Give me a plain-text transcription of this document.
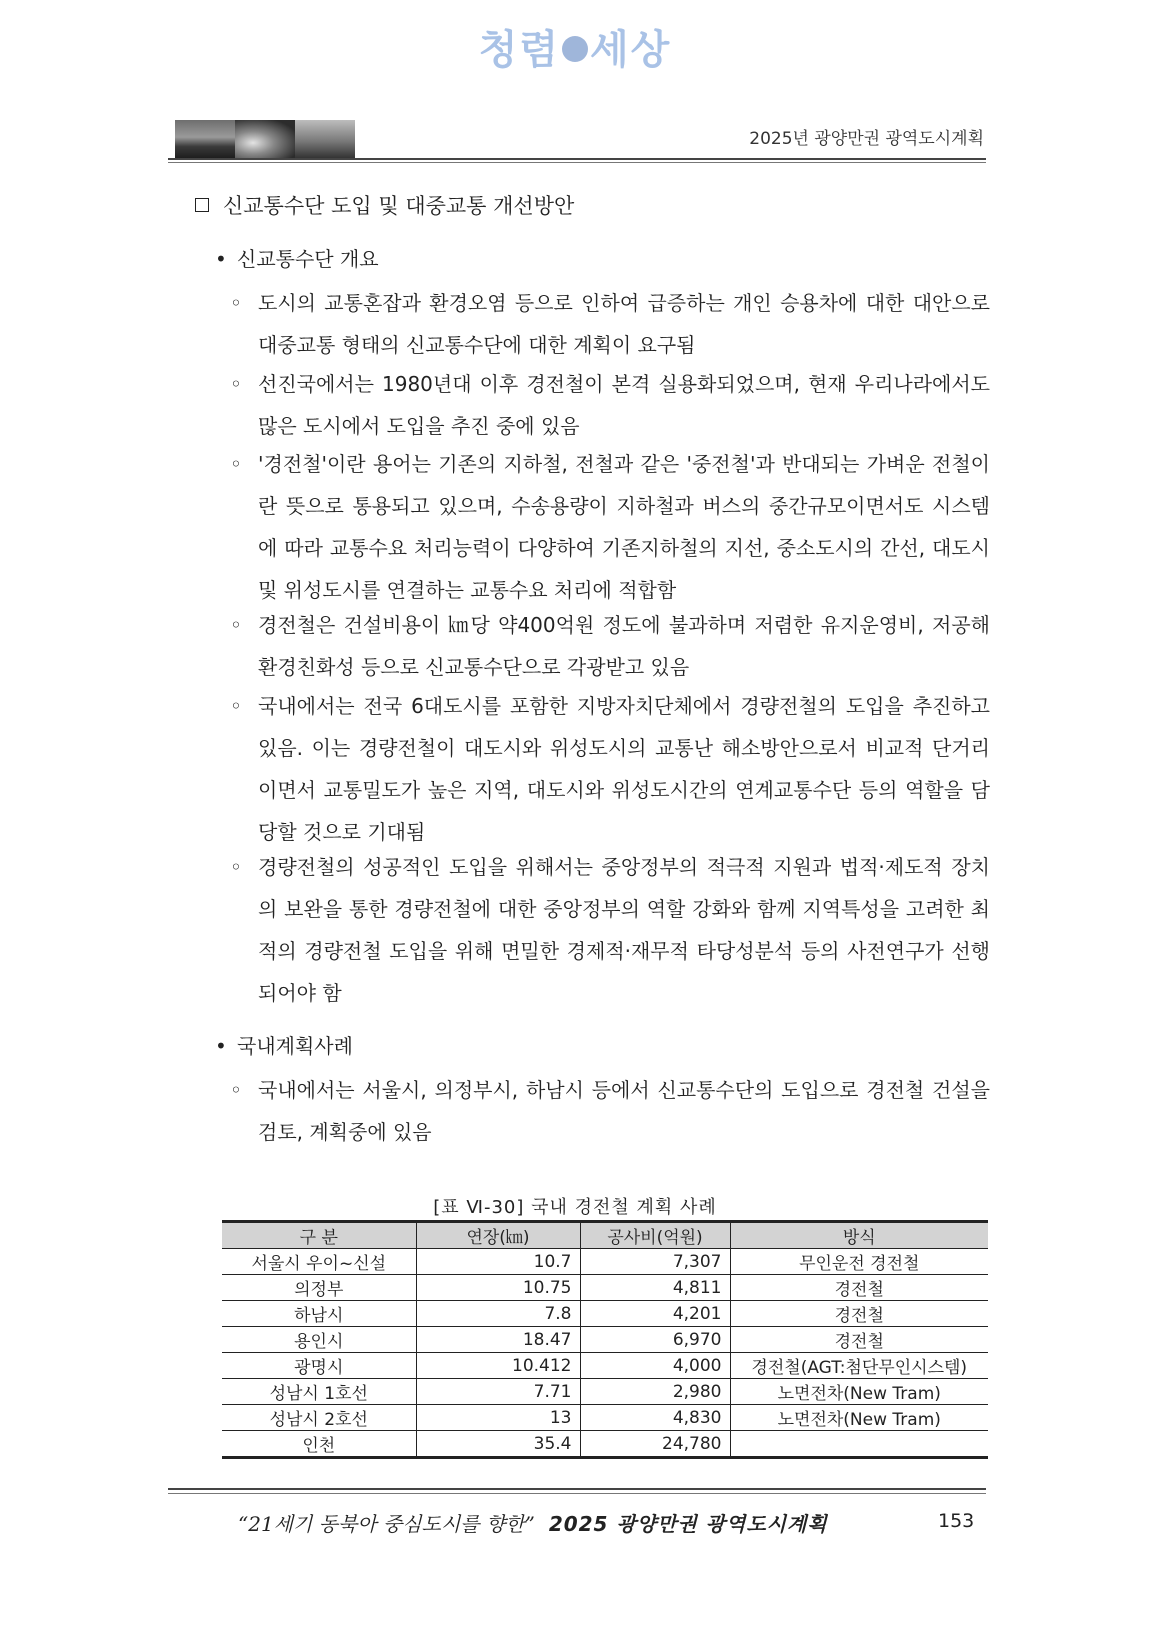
청렴 세상
2025년 광양만권 광역도시계획
신교통수단 도입 및 대중교통 개선방안
• 신교통수단 개요
◦ 도시의 교통혼잡과 환경오염 등으로 인하여 급증하는 개인 승용차에 대한 대안으로 대중교통 형태의 신교통수단에 대한 계획이 요구됨
◦ 선진국에서는 1980년대 이후 경전철이 본격 실용화되었으며, 현재 우리나라에서도 많은 도시에서 도입을 추진 중에 있음
◦ '경전철'이란 용어는 기존의 지하철, 전철과 같은 '중전철'과 반대되는 가벼운 전철이란 뜻으로 통용되고 있으며, 수송용량이 지하철과 버스의 중간규모이면서도 시스템에 따라 교통수요 처리능력이 다양하여 기존지하철의 지선, 중소도시의 간선, 대도시 및 위성도시를 연결하는 교통수요 처리에 적합함
◦ 경전철은 건설비용이 ㎞당 약400억원 정도에 불과하며 저렴한 유지운영비, 저공해 환경친화성 등으로 신교통수단으로 각광받고 있음
◦ 국내에서는 전국 6대도시를 포함한 지방자치단체에서 경량전철의 도입을 추진하고 있음. 이는 경량전철이 대도시와 위성도시의 교통난 해소방안으로서 비교적 단거리이면서 교통밀도가 높은 지역, 대도시와 위성도시간의 연계교통수단 등의 역할을 담당할 것으로 기대됨
◦ 경량전철의 성공적인 도입을 위해서는 중앙정부의 적극적 지원과 법적·제도적 장치의 보완을 통한 경량전철에 대한 중앙정부의 역할 강화와 함께 지역특성을 고려한 최적의 경량전철 도입을 위해 면밀한 경제적·재무적 타당성분석 등의 사전연구가 선행되어야 함
• 국내계획사례
◦ 국내에서는 서울시, 의정부시, 하남시 등에서 신교통수단의 도입으로 경전철 건설을 검토, 계획중에 있음
[표 Ⅵ-30] 국내 경전철 계획 사례
구 분	연장(㎞)	공사비(억원)	방식
서울시 우이~신설	10.7	7,307	무인운전 경전철
의정부	10.75	4,811	경전철
하남시	7.8	4,201	경전철
용인시	18.47	6,970	경전철
광명시	10.412	4,000	경전철(AGT:첨단무인시스템)
성남시 1호선	7.71	2,980	노면전차(New Tram)
성남시 2호선	13	4,830	노면전차(New Tram)
인천	35.4	24,780	
“21세기 동북아 중심도시를 향한” 2025 광양만권 광역도시계획	153
